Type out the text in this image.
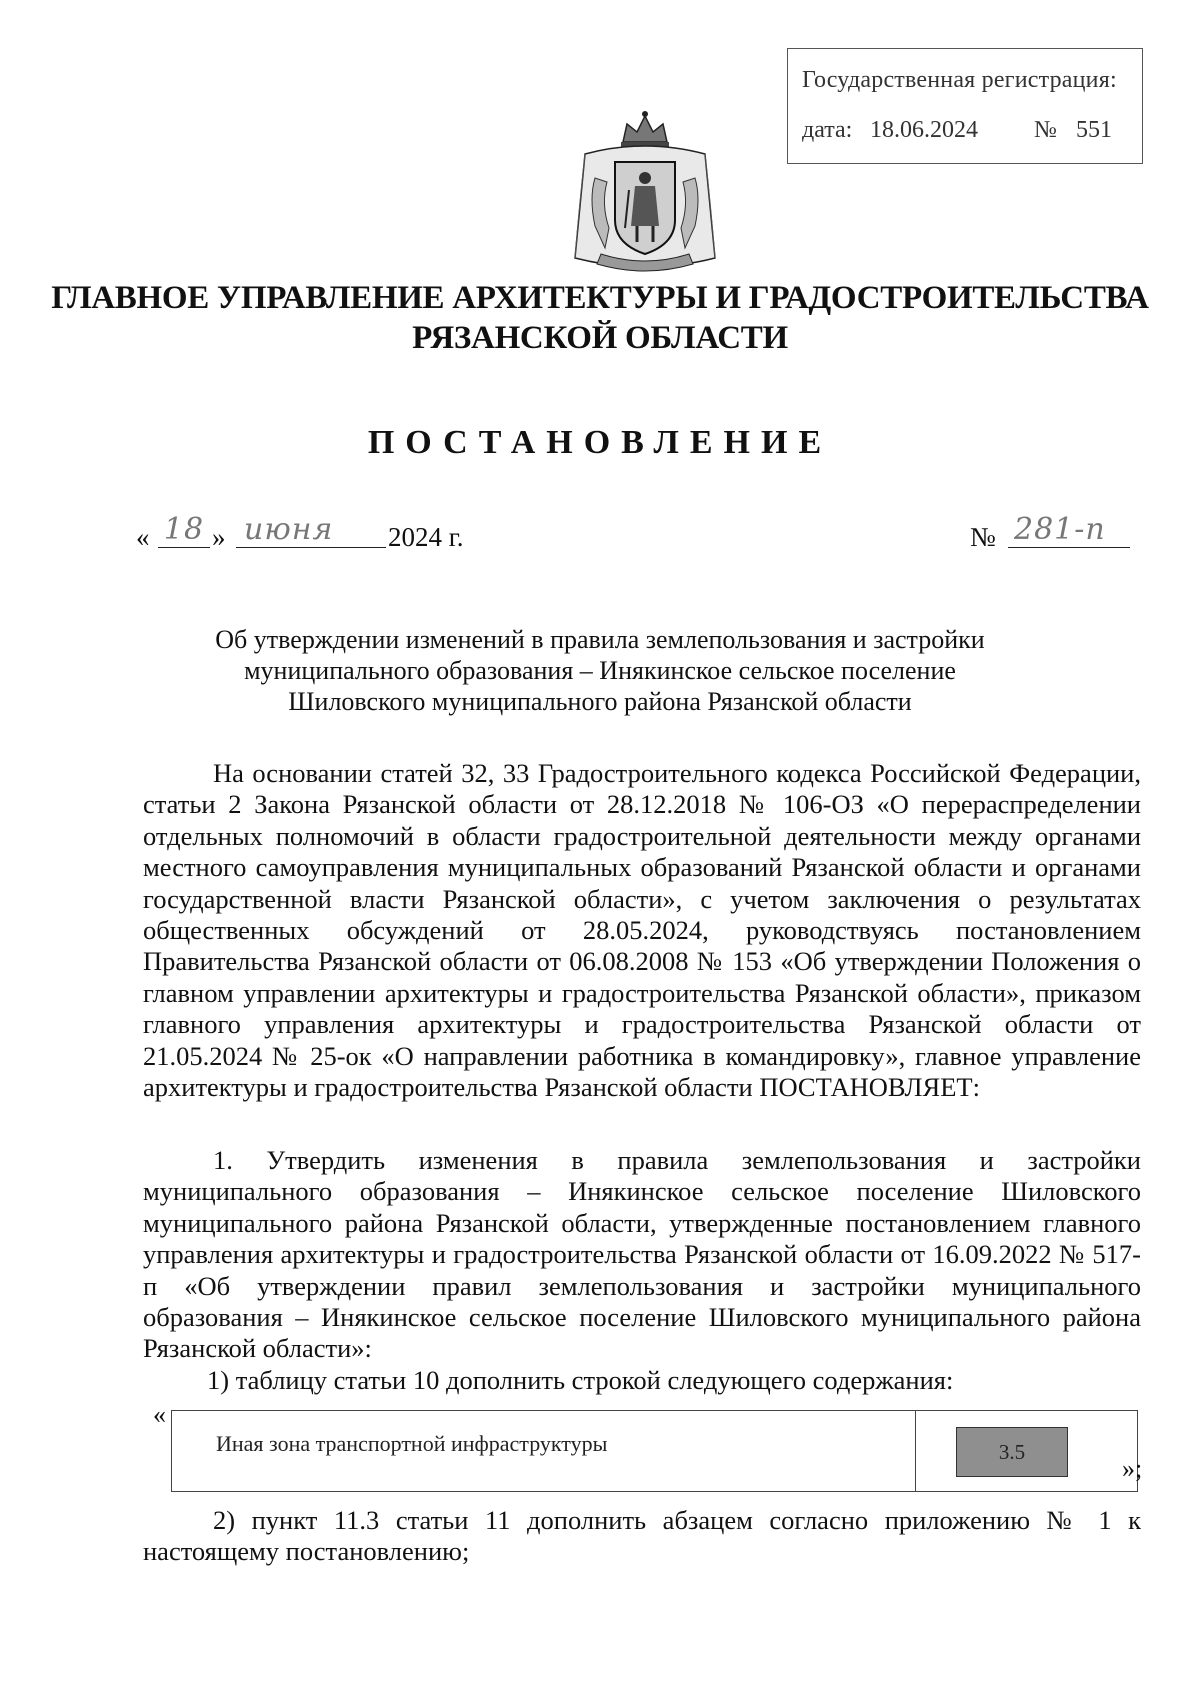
Государственная регистрация:
дата: 18.06.2024 № 551
ГЛАВНОЕ УПРАВЛЕНИЕ АРХИТЕКТУРЫ И ГРАДОСТРОИТЕЛЬСТВА
РЯЗАНСКОЙ ОБЛАСТИ
ПОСТАНОВЛЕНИЕ
« 18 » июня	2024 г.	№ 281-п
Об утверждении изменений в правила землепользования и застройки
муниципального образования – Инякинское сельское поселение
Шиловского муниципального района Рязанской области
На основании статей 32, 33 Градостроительного кодекса Российской Федерации, статьи 2 Закона Рязанской области от 28.12.2018 № 106-ОЗ «О перераспределении отдельных полномочий в области градостроительной деятельности между органами местного самоуправления муниципальных образований Рязанской области и органами государственной власти Рязанской области», с учетом заключения о результатах общественных обсуждений от 28.05.2024, руководствуясь постановлением Правительства Рязанской области от 06.08.2008 № 153 «Об утверждении Положения о главном управлении архитектуры и градостроительства Рязанской области», приказом главного управления архитектуры и градостроительства Рязанской области от 21.05.2024 № 25-ок «О направлении работника в командировку», главное управление архитектуры и градостроительства Рязанской области ПОСТАНОВЛЯЕТ:
1. Утвердить изменения в правила землепользования и застройки муниципального образования – Инякинское сельское поселение Шиловского муниципального района Рязанской области, утвержденные постановлением главного управления архитектуры и градостроительства Рязанской области от 16.09.2022 № 517-п «Об утверждении правил землепользования и застройки муниципального образования – Инякинское сельское поселение Шиловского муниципального района Рязанской области»:
1) таблицу статьи 10 дополнить строкой следующего содержания:
«
Иная зона транспортной инфраструктуры	3.5
»;
2) пункт 11.3 статьи 11 дополнить абзацем согласно приложению № 1 к настоящему постановлению;
